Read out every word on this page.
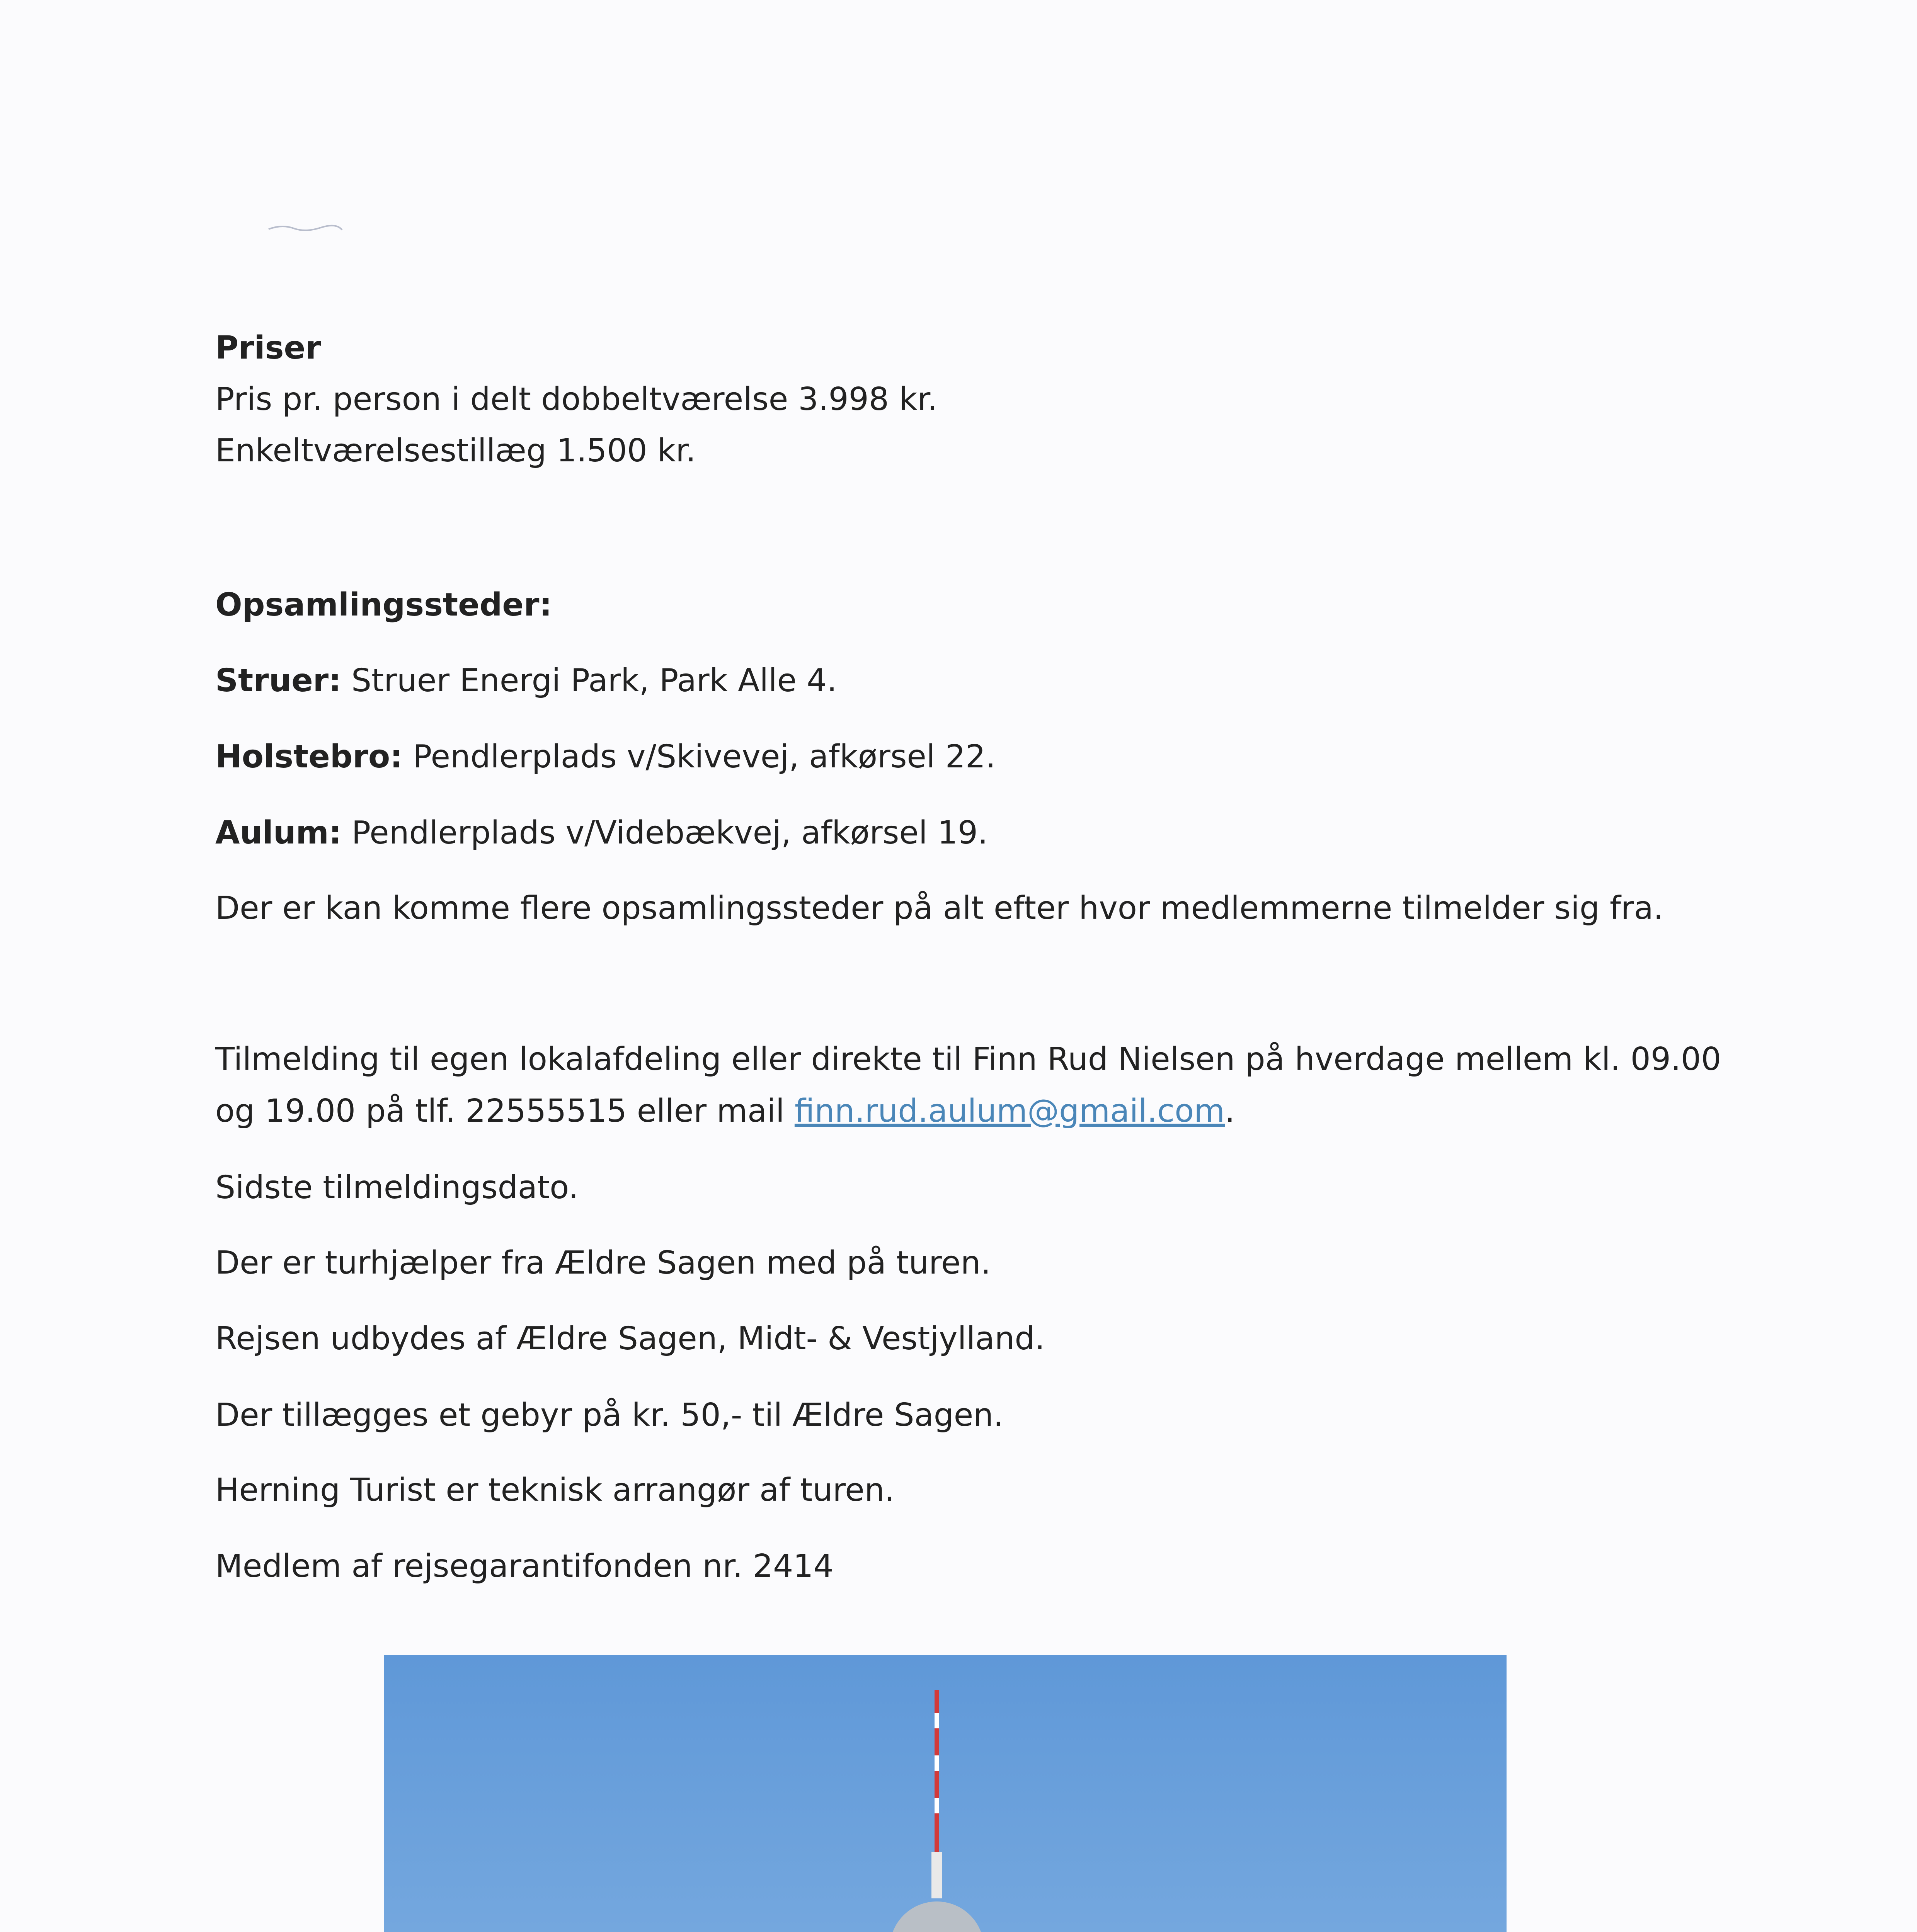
Priser
Pris pr. person i delt dobbeltværelse 3.998 kr.
Enkeltværelsestillæg 1.500 kr.
Opsamlingssteder:
Struer: Struer Energi Park, Park Alle 4.
Holstebro: Pendlerplads v/Skivevej, afkørsel 22.
Aulum: Pendlerplads v/Videbækvej, afkørsel 19.
Der er kan komme flere opsamlingssteder på alt efter hvor medlemmerne tilmelder sig fra.
Tilmelding til egen lokalafdeling eller direkte til Finn Rud Nielsen på hverdage mellem kl. 09.00
og 19.00 på tlf. 22555515 eller mail finn.rud.aulum@gmail.com.
Sidste tilmeldingsdato.
Der er turhjælper fra Ældre Sagen med på turen.
Rejsen udbydes af Ældre Sagen, Midt- & Vestjylland.
Der tillægges et gebyr på kr. 50,- til Ældre Sagen.
Herning Turist er teknisk arrangør af turen.
Medlem af rejsegarantifonden nr. 2414
